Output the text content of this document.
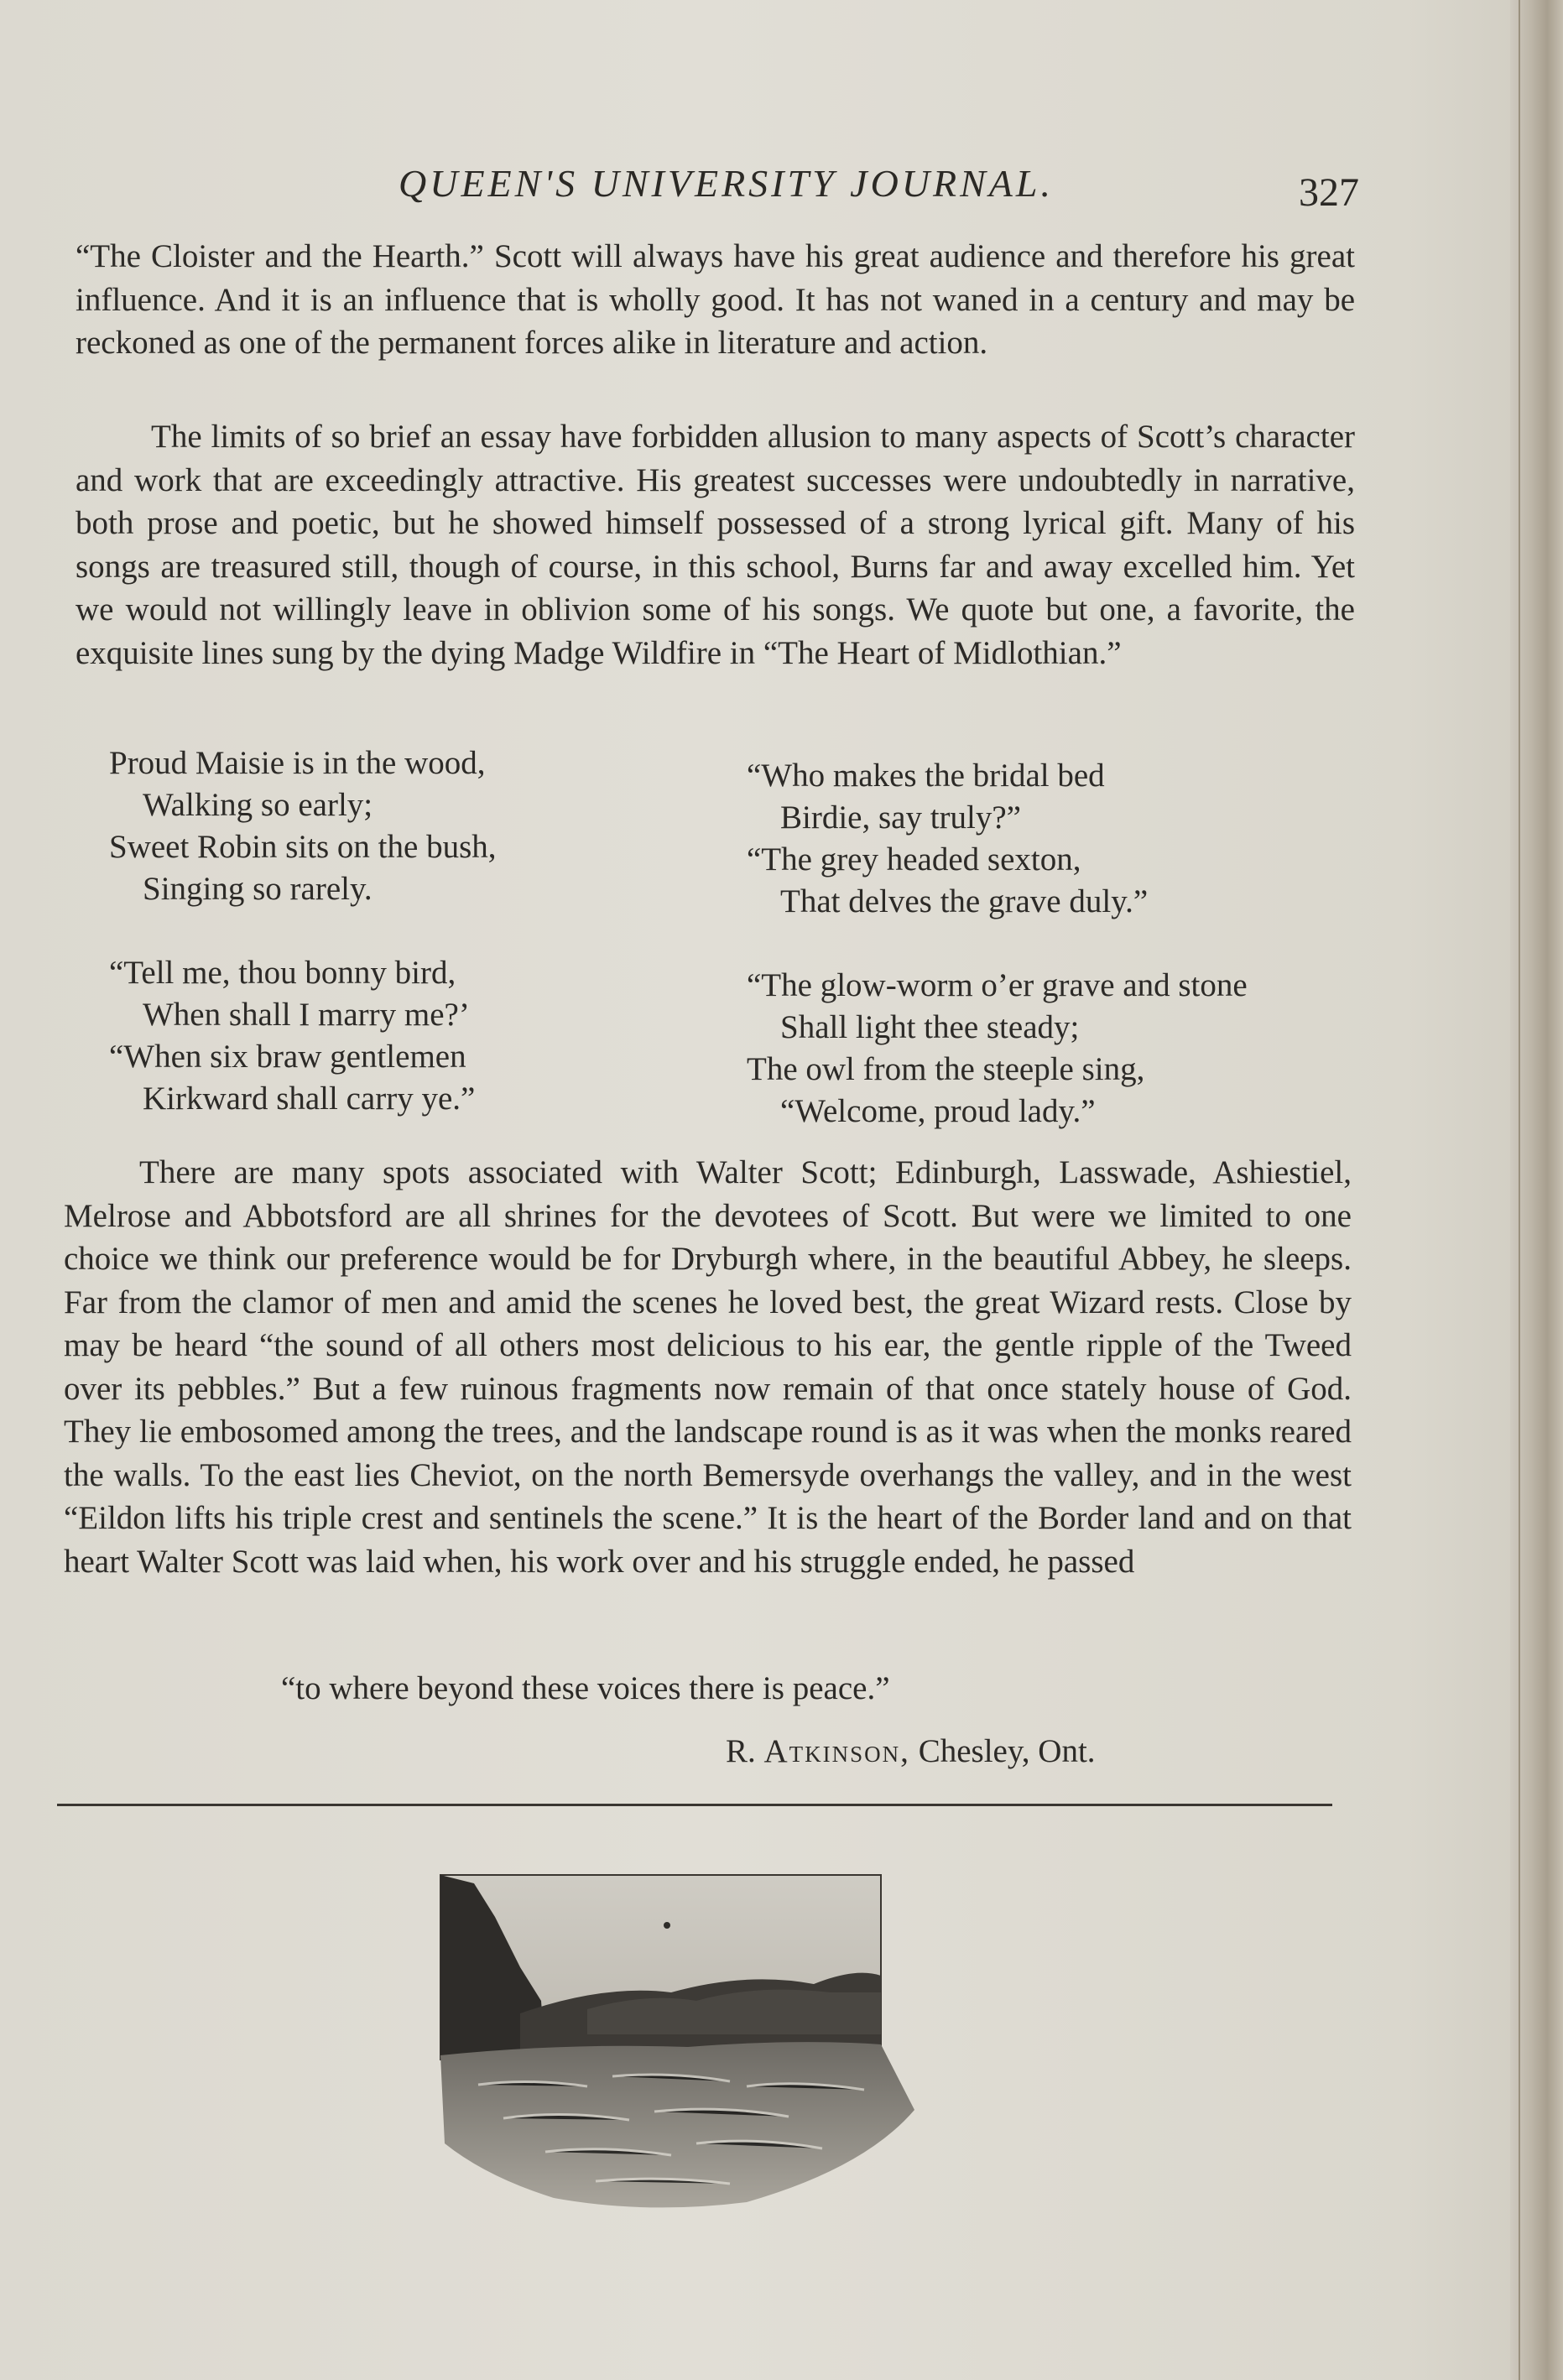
QUEEN'S UNIVERSITY JOURNAL.	327

“The Cloister and the Hearth.” Scott will always have his great audience and therefore his great influence. And it is an influence that is wholly good. It has not waned in a century and may be reckoned as one of the permanent forces alike in literature and action.

The limits of so brief an essay have forbidden allusion to many aspects of Scott’s character and work that are exceedingly attractive. His greatest successes were undoubtedly in narrative, both prose and poetic, but he showed himself possessed of a strong lyrical gift. Many of his songs are treasured still, though of course, in this school, Burns far and away excelled him. Yet we would not willingly leave in oblivion some of his songs. We quote but one, a favorite, the exquisite lines sung by the dying Madge Wildfire in “The Heart of Midlothian.”

Proud Maisie is in the wood,
Walking so early;
Sweet Robin sits on the bush,
Singing so rarely.
“Who makes the bridal bed
Birdie, say truly?”
“The grey headed sexton,
That delves the grave duly.”
“Tell me, thou bonny bird,
When shall I marry me?’
“When six braw gentlemen
Kirkward shall carry ye.”
“The glow-worm o’er grave and stone
Shall light thee steady;
The owl from the steeple sing,
“Welcome, proud lady.”

There are many spots associated with Walter Scott; Edinburgh, Lasswade, Ashiestiel, Melrose and Abbotsford are all shrines for the devotees of Scott. But were we limited to one choice we think our preference would be for Dryburgh where, in the beautiful Abbey, he sleeps. Far from the clamor of men and amid the scenes he loved best, the great Wizard rests. Close by may be heard “the sound of all others most delicious to his ear, the gentle ripple of the Tweed over its pebbles.” But a few ruinous fragments now remain of that once stately house of God. They lie embosomed among the trees, and the landscape round is as it was when the monks reared the walls. To the east lies Cheviot, on the north Bemersyde overhangs the valley, and in the west “Eildon lifts his triple crest and sentinels the scene.” It is the heart of the Border land and on that heart Walter Scott was laid when, his work over and his struggle ended, he passed

“to where beyond these voices there is peace.”
R. Atkinson, Chesley, Ont.
